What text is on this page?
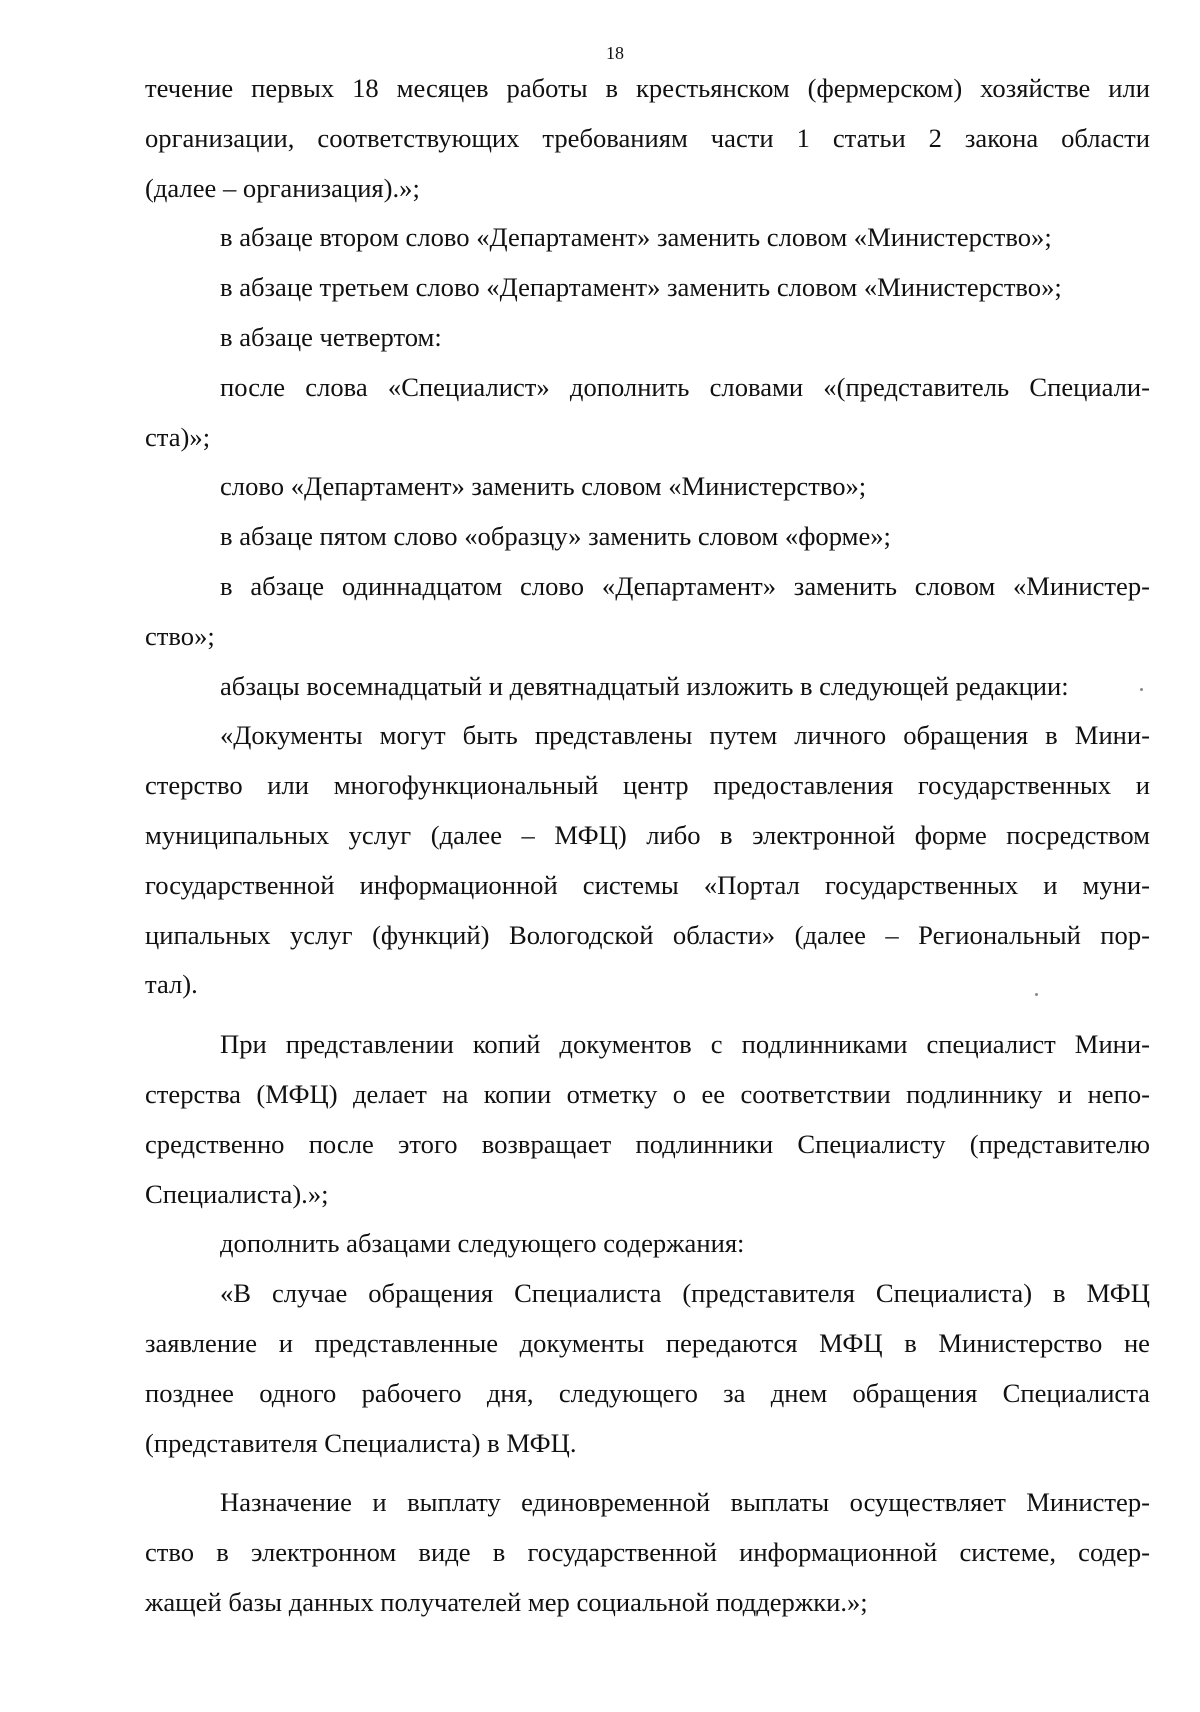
18
течение первых 18 месяцев работы в крестьянском (фермерском) хозяйстве или
организации, соответствующих требованиям части 1 статьи 2 закона области
(далее – организация).»;
в абзаце втором слово «Департамент» заменить словом «Министерство»;
в абзаце третьем слово «Департамент» заменить словом «Министерство»;
в абзаце четвертом:
после слова «Специалист» дополнить словами «(представитель Специали-
ста)»;
слово «Департамент» заменить словом «Министерство»;
в абзаце пятом слово «образцу» заменить словом «форме»;
в абзаце одиннадцатом слово «Департамент» заменить словом «Министер-
ство»;
абзацы восемнадцатый и девятнадцатый изложить в следующей редакции:
«Документы могут быть представлены путем личного обращения в Мини-
стерство или многофункциональный центр предоставления государственных и
муниципальных услуг (далее – МФЦ) либо в электронной форме посредством
государственной информационной системы «Портал государственных и муни-
ципальных услуг (функций) Вологодской области» (далее – Региональный пор-
тал).
При представлении копий документов с подлинниками специалист Мини-
стерства (МФЦ) делает на копии отметку о ее соответствии подлиннику и непо-
средственно после этого возвращает подлинники Специалисту (представителю
Специалиста).»;
дополнить абзацами следующего содержания:
«В случае обращения Специалиста (представителя Специалиста) в МФЦ
заявление и представленные документы передаются МФЦ в Министерство не
позднее одного рабочего дня, следующего за днем обращения Специалиста
(представителя Специалиста) в МФЦ.
Назначение и выплату единовременной выплаты осуществляет Министер-
ство в электронном виде в государственной информационной системе, содер-
жащей базы данных получателей мер социальной поддержки.»;
